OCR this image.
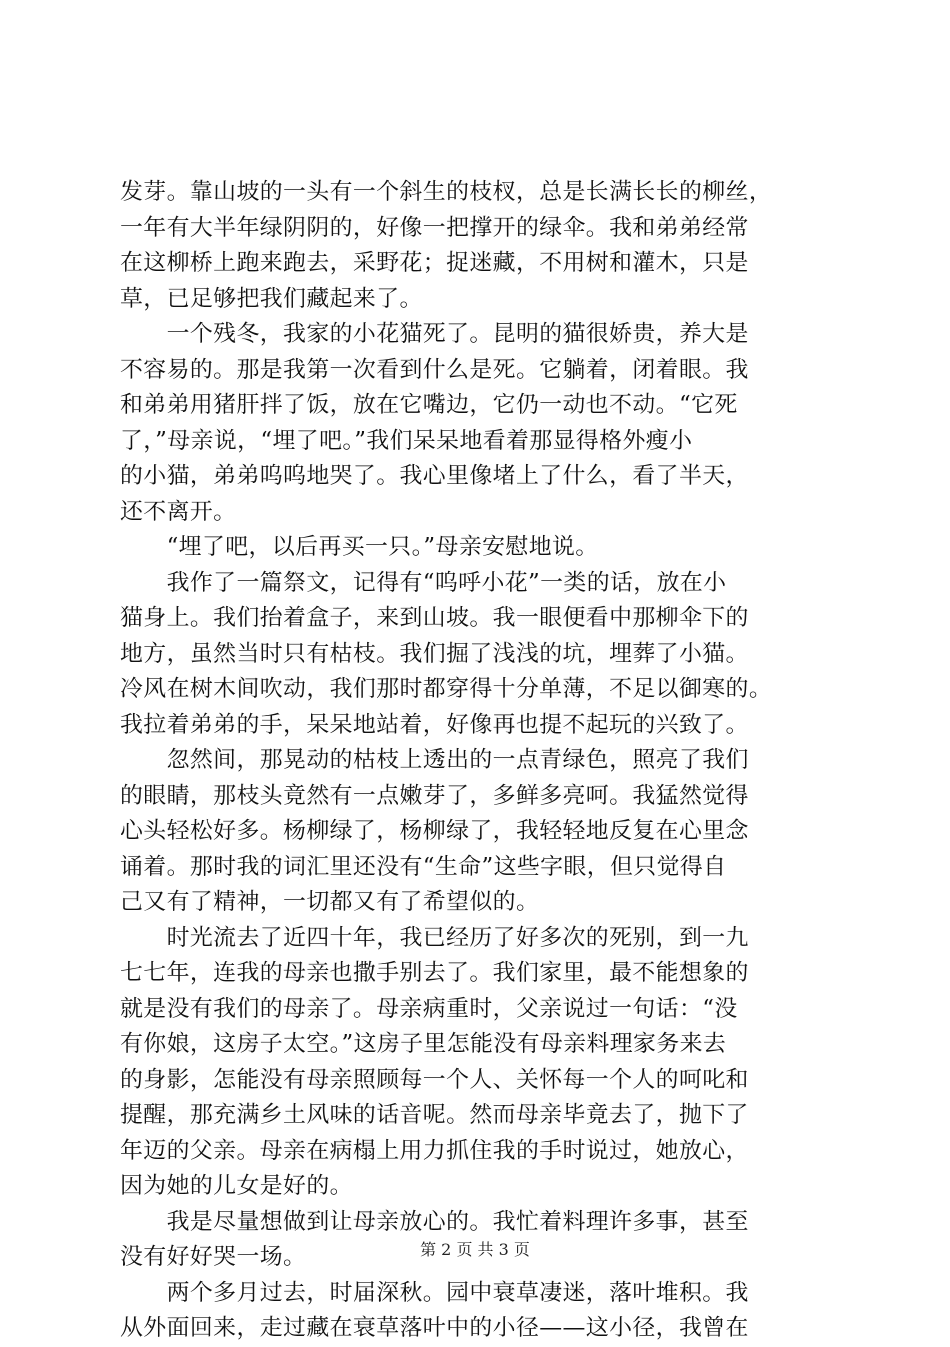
发芽。靠山坡的一头有一个斜生的枝杈，总是长满长长的柳丝，
一年有大半年绿阴阴的，好像一把撑开的绿伞。我和弟弟经常
在这柳桥上跑来跑去，采野花；捉迷藏，不用树和灌木，只是
草，已足够把我们藏起来了。
　　一个残冬，我家的小花猫死了。昆明的猫很娇贵，养大是
不容易的。那是我第一次看到什么是死。它躺着，闭着眼。我
和弟弟用猪肝拌了饭，放在它嘴边，它仍一动也不动。“它死
了，”母亲说，“埋了吧。”我们呆呆地看着那显得格外瘦小
的小猫，弟弟呜呜地哭了。我心里像堵上了什么，看了半天，
还不离开。
　　“埋了吧，以后再买一只。”母亲安慰地说。
　　我作了一篇祭文，记得有“呜呼小花”一类的话，放在小
猫身上。我们抬着盒子，来到山坡。我一眼便看中那柳伞下的
地方，虽然当时只有枯枝。我们掘了浅浅的坑，埋葬了小猫。
冷风在树木间吹动，我们那时都穿得十分单薄，不足以御寒的。
我拉着弟弟的手，呆呆地站着，好像再也提不起玩的兴致了。
　　忽然间，那晃动的枯枝上透出的一点青绿色，照亮了我们
的眼睛，那枝头竟然有一点嫩芽了，多鲜多亮呵。我猛然觉得
心头轻松好多。杨柳绿了，杨柳绿了，我轻轻地反复在心里念
诵着。那时我的词汇里还没有“生命”这些字眼，但只觉得自
己又有了精神，一切都又有了希望似的。
　　时光流去了近四十年，我已经历了好多次的死别，到一九
七七年，连我的母亲也撒手别去了。我们家里，最不能想象的
就是没有我们的母亲了。母亲病重时，父亲说过一句话：“没
有你娘，这房子太空。”这房子里怎能没有母亲料理家务来去
的身影，怎能没有母亲照顾每一个人、关怀每一个人的呵叱和
提醒，那充满乡土风味的话音呢。然而母亲毕竟去了，抛下了
年迈的父亲。母亲在病榻上用力抓住我的手时说过，她放心，
因为她的儿女是好的。
　　我是尽量想做到让母亲放心的。我忙着料理许多事，甚至
没有好好哭一场。
　　两个多月过去，时届深秋。园中衰草凄迷，落叶堆积。我
从外面回来，走过藏在衰草落叶中的小径——这小径，我曾在
第 2 页 共 3 页
